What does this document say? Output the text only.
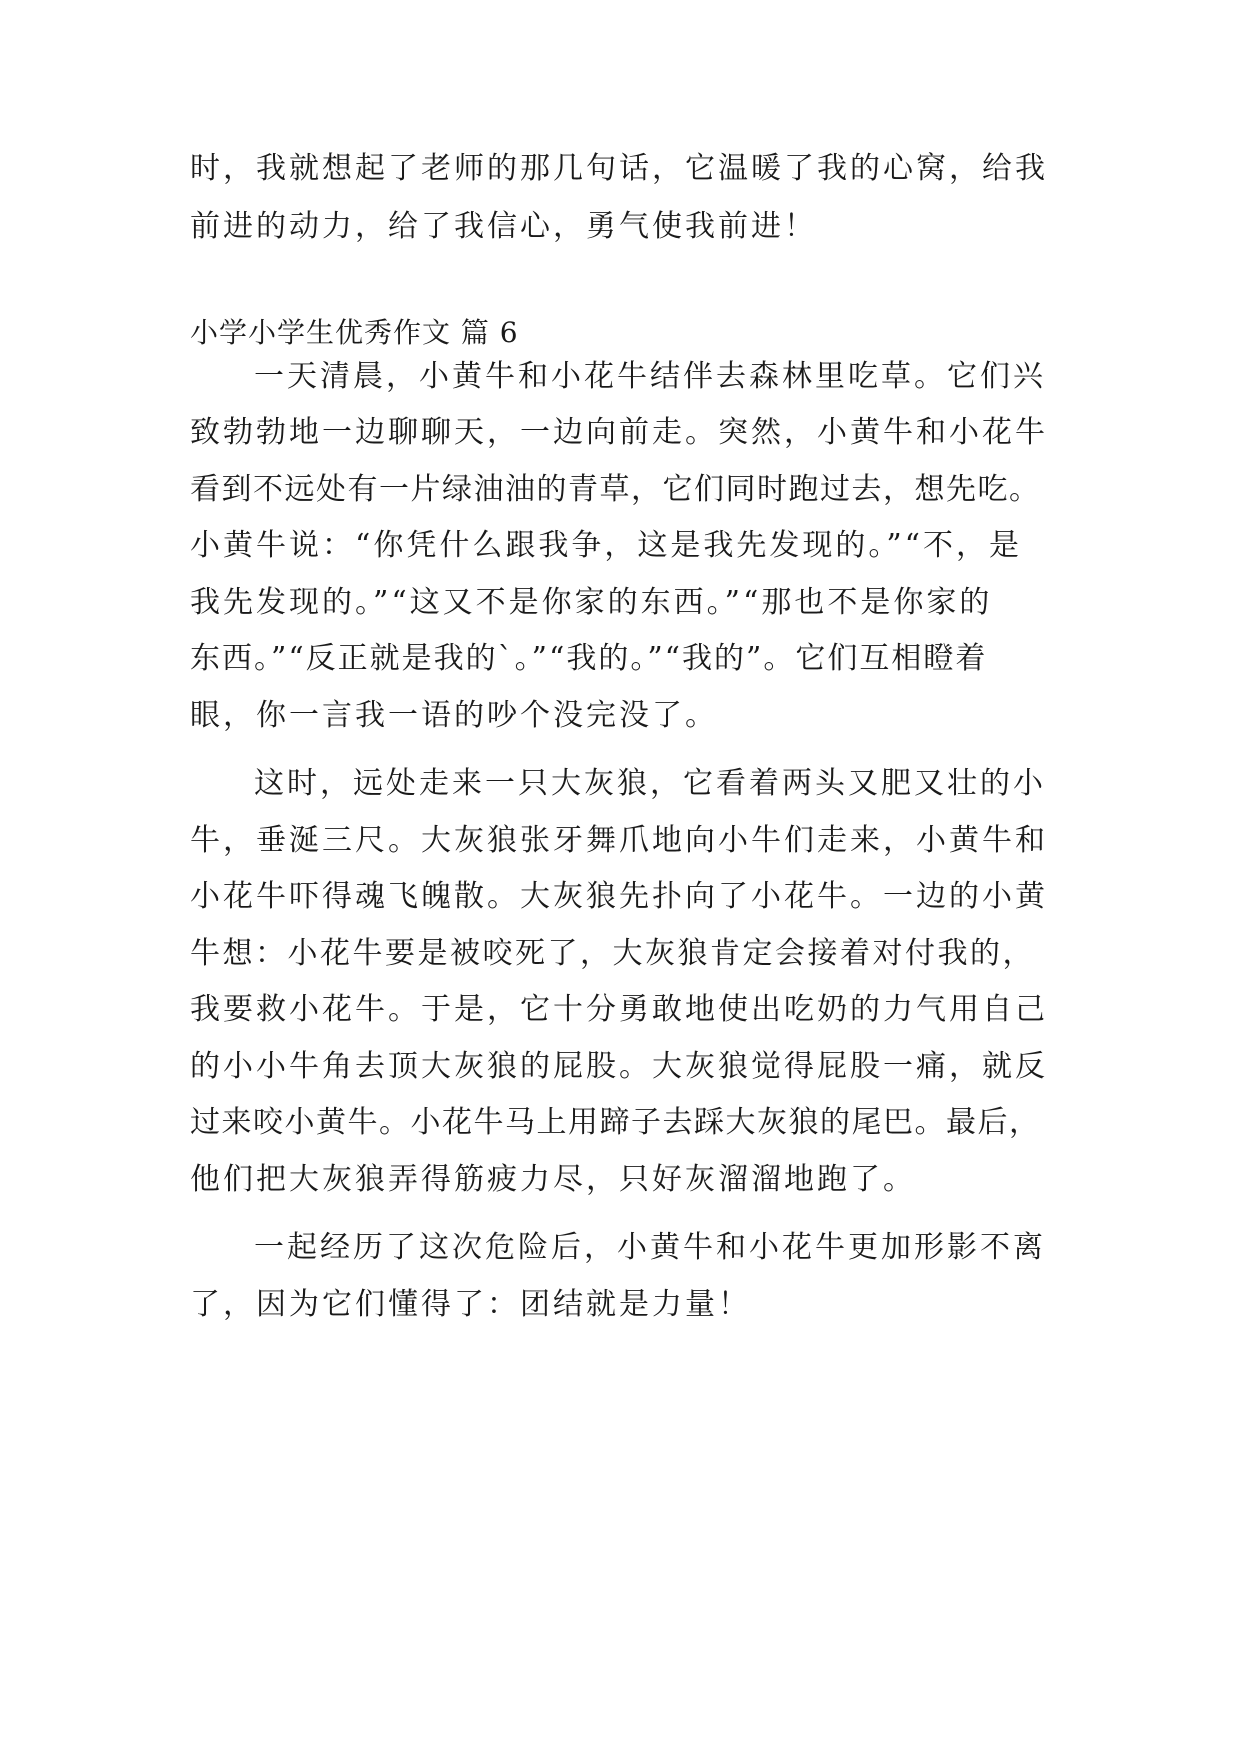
时，我就想起了老师的那几句话，它温暖了我的心窝，给我
前进的动力，给了我信心，勇气使我前进！
小学小学生优秀作文 篇 6
一天清晨，小黄牛和小花牛结伴去森林里吃草。它们兴
致勃勃地一边聊聊天，一边向前走。突然，小黄牛和小花牛
看到不远处有一片绿油油的青草，它们同时跑过去，想先吃。
小黄牛说：“你凭什么跟我争，这是我先发现的。”“不，是
我先发现的。”“这又不是你家的东西。”“那也不是你家的
东西。”“反正就是我的`。”“我的。”“我的”。它们互相瞪着
眼，你一言我一语的吵个没完没了。
这时，远处走来一只大灰狼，它看着两头又肥又壮的小
牛，垂涎三尺。大灰狼张牙舞爪地向小牛们走来，小黄牛和
小花牛吓得魂飞魄散。大灰狼先扑向了小花牛。一边的小黄
牛想：小花牛要是被咬死了，大灰狼肯定会接着对付我的，
我要救小花牛。于是，它十分勇敢地使出吃奶的力气用自己
的小小牛角去顶大灰狼的屁股。大灰狼觉得屁股一痛，就反
过来咬小黄牛。小花牛马上用蹄子去踩大灰狼的尾巴。最后，
他们把大灰狼弄得筋疲力尽，只好灰溜溜地跑了。
一起经历了这次危险后，小黄牛和小花牛更加形影不离
了，因为它们懂得了：团结就是力量！
